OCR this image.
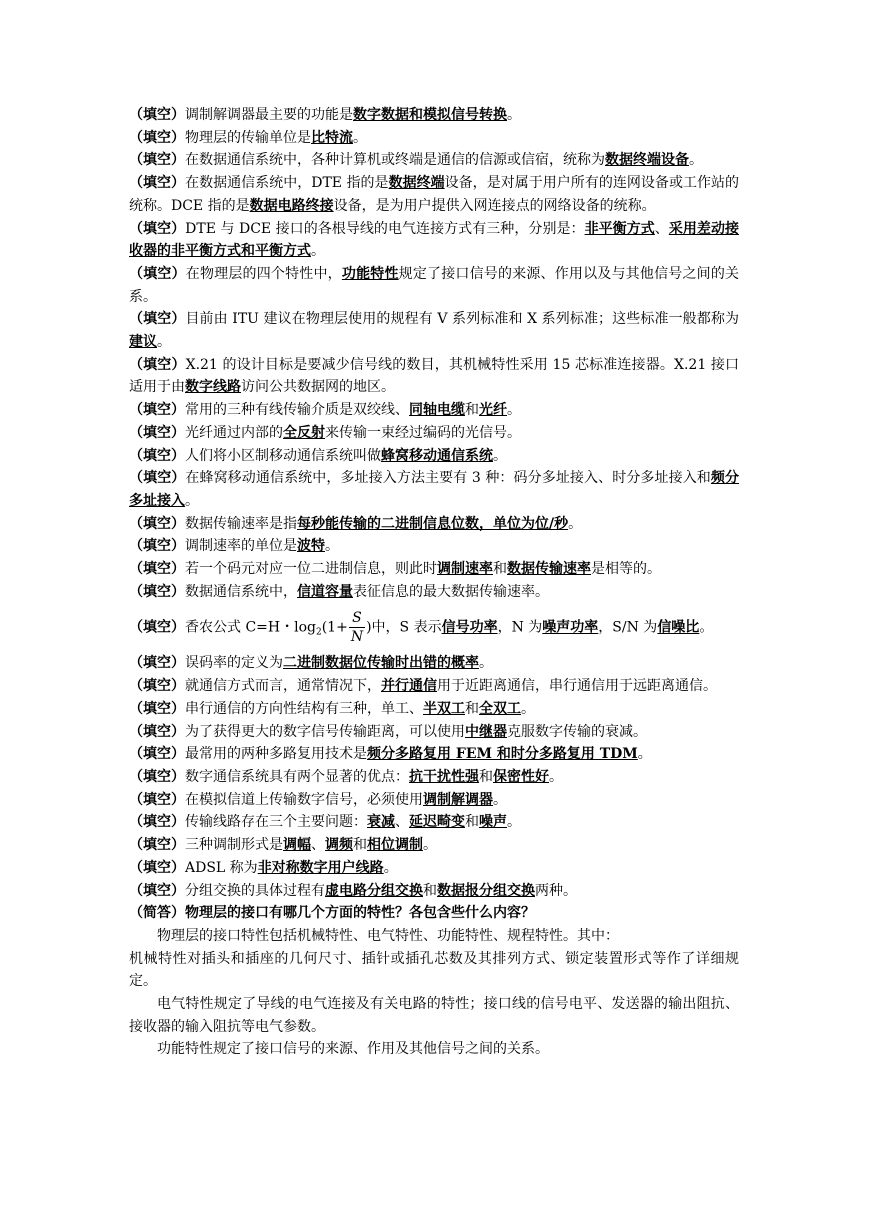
（填空）调制解调器最主要的功能是数字数据和模拟信号转换。

（填空）物理层的传输单位是比特流。

（填空）在数据通信系统中，各种计算机或终端是通信的信源或信宿，统称为数据终端设备。

（填空）在数据通信系统中，DTE 指的是数据终端设备，是对属于用户所有的连网设备或工作站的统称。DCE 指的是数据电路终接设备，是为用户提供入网连接点的网络设备的统称。

（填空）DTE 与 DCE 接口的各根导线的电气连接方式有三种，分别是：非平衡方式、采用差动接收器的非平衡方式和平衡方式。

（填空）在物理层的四个特性中，功能特性规定了接口信号的来源、作用以及与其他信号之间的关系。

（填空）目前由 ITU 建议在物理层使用的规程有 V 系列标准和 X 系列标准；这些标准一般都称为建议。

（填空）X.21 的设计目标是要减少信号线的数目，其机械特性采用 15 芯标准连接器。X.21 接口适用于由数字线路访问公共数据网的地区。

（填空）常用的三种有线传输介质是双绞线、同轴电缆和光纤。

（填空）光纤通过内部的全反射来传输一束经过编码的光信号。

（填空）人们将小区制移动通信系统叫做蜂窝移动通信系统。

（填空）在蜂窝移动通信系统中，多址接入方法主要有 3 种：码分多址接入、时分多址接入和频分多址接入。

（填空）数据传输速率是指每秒能传输的二进制信息位数，单位为位/秒。

（填空）调制速率的单位是波特。

（填空）若一个码元对应一位二进制信息，则此时调制速率和数据传输速率是相等的。

（填空）数据通信系统中，信道容量表征信息的最大数据传输速率。

（填空）香农公式 C=H・$\log_2(1+ \frac{S}{N}$ )中，S 表示信号功率，N 为噪声功率，S/N 为信噪比。

（填空）误码率的定义为二进制数据位传输时出错的概率。

（填空）就通信方式而言，通常情况下，并行通信用于近距离通信，串行通信用于远距离通信。

（填空）串行通信的方向性结构有三种，单工、半双工和全双工。

（填空）为了获得更大的数字信号传输距离，可以使用中继器克服数字传输的衰减。

（填空）最常用的两种多路复用技术是频分多路复用 FEM 和时分多路复用 TDM。

（填空）数字通信系统具有两个显著的优点：抗干扰性强和保密性好。

（填空）在模拟信道上传输数字信号，必须使用调制解调器。

（填空）传输线路存在三个主要问题：衰减、延迟畸变和噪声。

（填空）三种调制形式是调幅、调频和相位调制。

（填空）ADSL 称为非对称数字用户线路。

（填空）分组交换的具体过程有虚电路分组交换和数据报分组交换两种。

（简答）物理层的接口有哪几个方面的特性？各包含些什么内容？

物理层的接口特性包括机械特性、电气特性、功能特性、规程特性。其中：

机械特性对插头和插座的几何尺寸、插针或插孔芯数及其排列方式、锁定装置形式等作了详细规定。

电气特性规定了导线的电气连接及有关电路的特性；接口线的信号电平、发送器的输出阻抗、接收器的输入阻抗等电气参数。

功能特性规定了接口信号的来源、作用及其他信号之间的关系。
